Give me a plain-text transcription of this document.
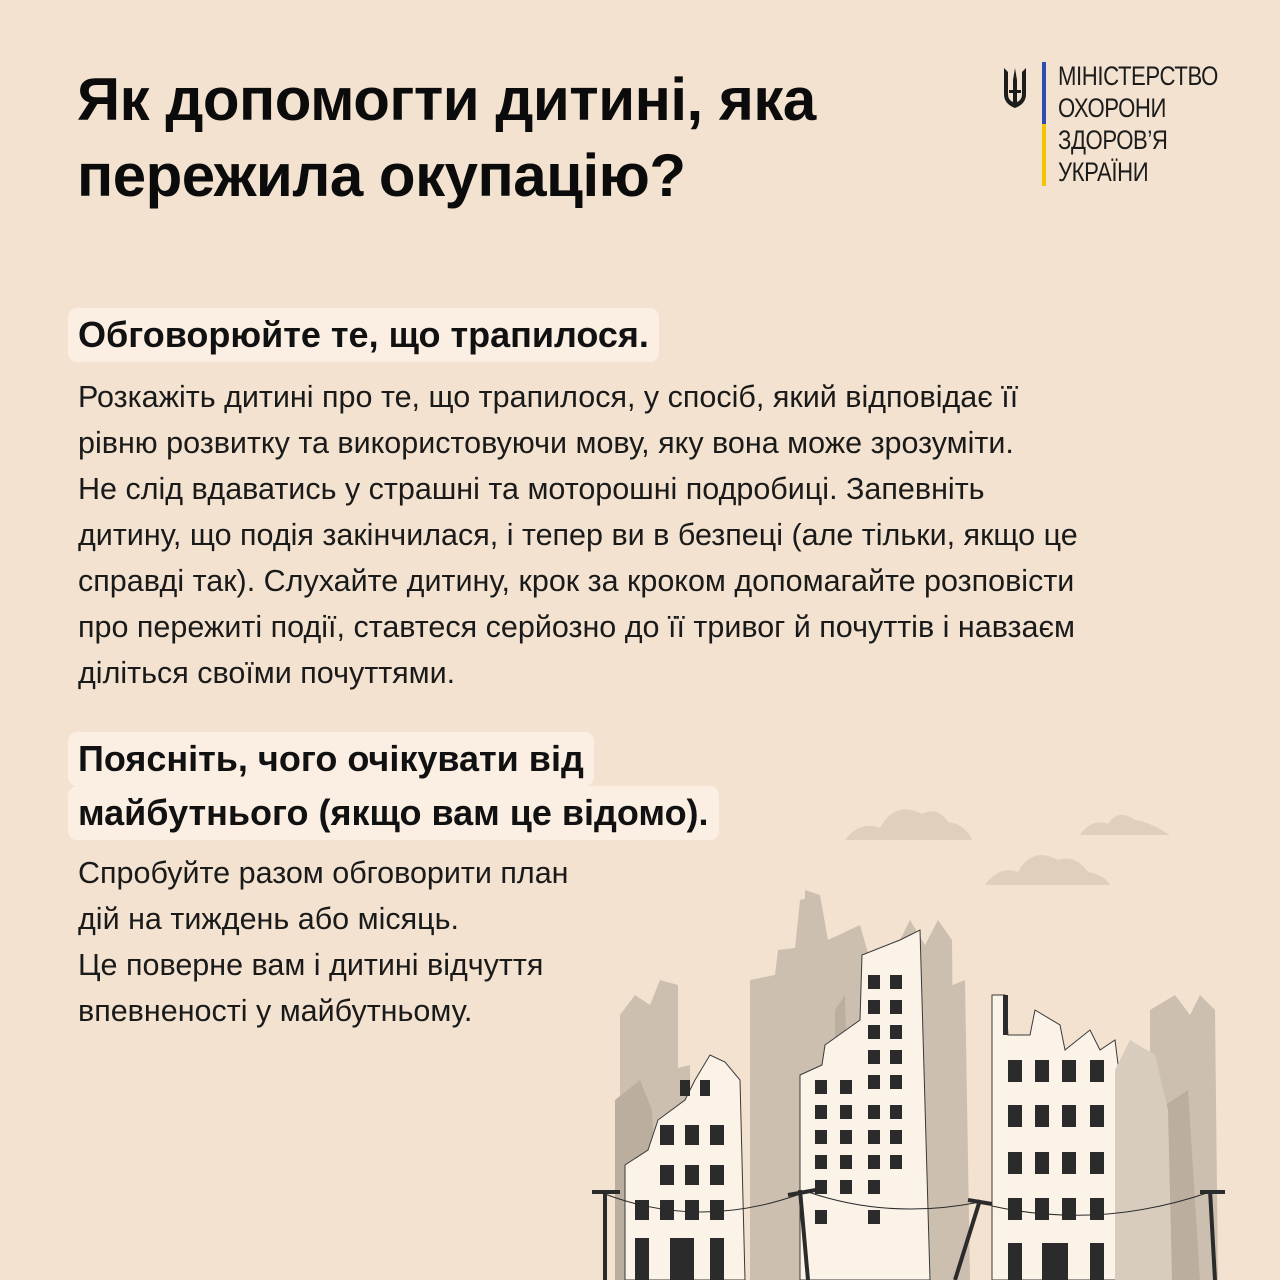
Як допомогти дитині, яка
пережила окупацію?
МІНІСТЕРСТВО
ОХОРОНИ
ЗДОРОВ’Я
УКРАЇНИ
Обговорюйте те, що трапилося.
Розкажіть дитині про те, що трапилося, у спосіб, який відповідає її
рівню розвитку та використовуючи мову, яку вона може зрозуміти.
Не слід вдаватись у страшні та моторошні подробиці. Запевніть
дитину, що подія закінчилася, і тепер ви в безпеці (але тільки, якщо це
справді так). Слухайте дитину, крок за кроком допомагайте розповісти
про пережиті події, ставтеся серйозно до її тривог й почуттів і навзаєм
діліться своїми почуттями.
Поясніть, чого очікувати від
майбутнього (якщо вам це відомо).
Спробуйте разом обговорити план
дій на тиждень або місяць.
Це поверне вам і дитині відчуття
впевненості у майбутньому.
